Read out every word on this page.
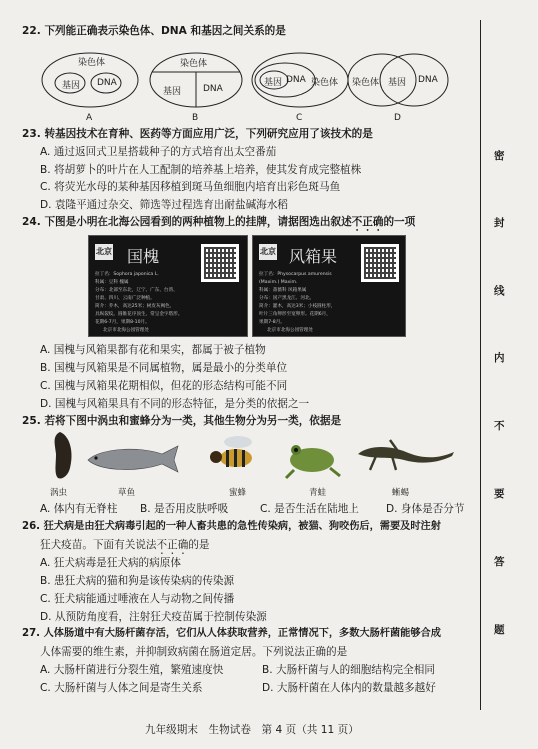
22. 下列能正确表示染色体、DNA 和基因之间关系的是
染色体
基因 DNA
A
染色体
基因 DNA
B
基因 DNA 染色体
C
染色体 基因 DNA
D
23. 转基因技术在育种、医药等方面应用广泛，下列研究应用了该技术的是
A. 通过返回式卫星搭载种子的方式培育出太空番茄
B. 将胡萝卜的叶片在人工配制的培养基上培养，使其发育成完整植株
C. 将荧光水母的某种基因移植到斑马鱼细胞内培育出彩色斑马鱼
D. 袁隆平通过杂交、筛选等过程选育出耐盐碱海水稻
24. 下图是小明在北海公园看到的两种植物上的挂牌，请据图选出叙述不正确的一项
北京 国槐
拉丁名：Sophora japonica L.
科属：豆科 槐属
分布：北部至东北，辽宁、广东、台湾、
甘肃、四川、云南广泛种植。
简介：乔木，高达25米；树皮灰褐色，
具纵裂纹。圆锥花序顶生，常呈金字塔形。
花期6-7月，果期8-10月。
北京市北海公园管理处
北京 风箱果
拉丁名：Physocarpus amurensis
(Maxim.) Maxim.
科属：蔷薇科 风箱果属
分布：国产黑龙江、河北。
简介：灌木，高达3米；小枝圆柱形，
叶片三角卵形至宽卵形。花期6月，
果期7-8月。
北京市北海公园管理处
A. 国槐与风箱果都有花和果实，都属于被子植物
B. 国槐与风箱果是不同属植物，属是最小的分类单位
C. 国槐与风箱果花期相似，但花的形态结构可能不同
D. 国槐与风箱果具有不同的形态特征，是分类的依据之一
25. 若将下图中涡虫和蜜蜂分为一类，其他生物分为另一类，依据是
涡虫	草鱼	蜜蜂	青蛙	蜥蜴
A. 体内有无脊柱 B. 是否用皮肤呼吸	C. 是否生活在陆地上	D. 身体是否分节
26. 狂犬病是由狂犬病毒引起的一种人畜共患的急性传染病，被猫、狗咬伤后，需要及时注射
狂犬疫苗。下面有关说法不正确的是
A. 狂犬病毒是狂犬病的病原体
B. 患狂犬病的猫和狗是该传染病的传染源
C. 狂犬病能通过唾液在人与动物之间传播
D. 从预防角度看，注射狂犬疫苗属于控制传染源
27. 人体肠道中有大肠杆菌存活，它们从人体获取营养，正常情况下，多数大肠杆菌能够合成
人体需要的维生素，并抑制致病菌在肠道定居。下列说法正确的是
A. 大肠杆菌进行分裂生殖，繁殖速度快	B. 大肠杆菌与人的细胞结构完全相同
C. 大肠杆菌与人体之间是寄生关系	D. 大肠杆菌在人体内的数量越多越好
密
封
线
内
不
要
答
题
九年级期末　生物试卷　第 4 页（共 11 页）
